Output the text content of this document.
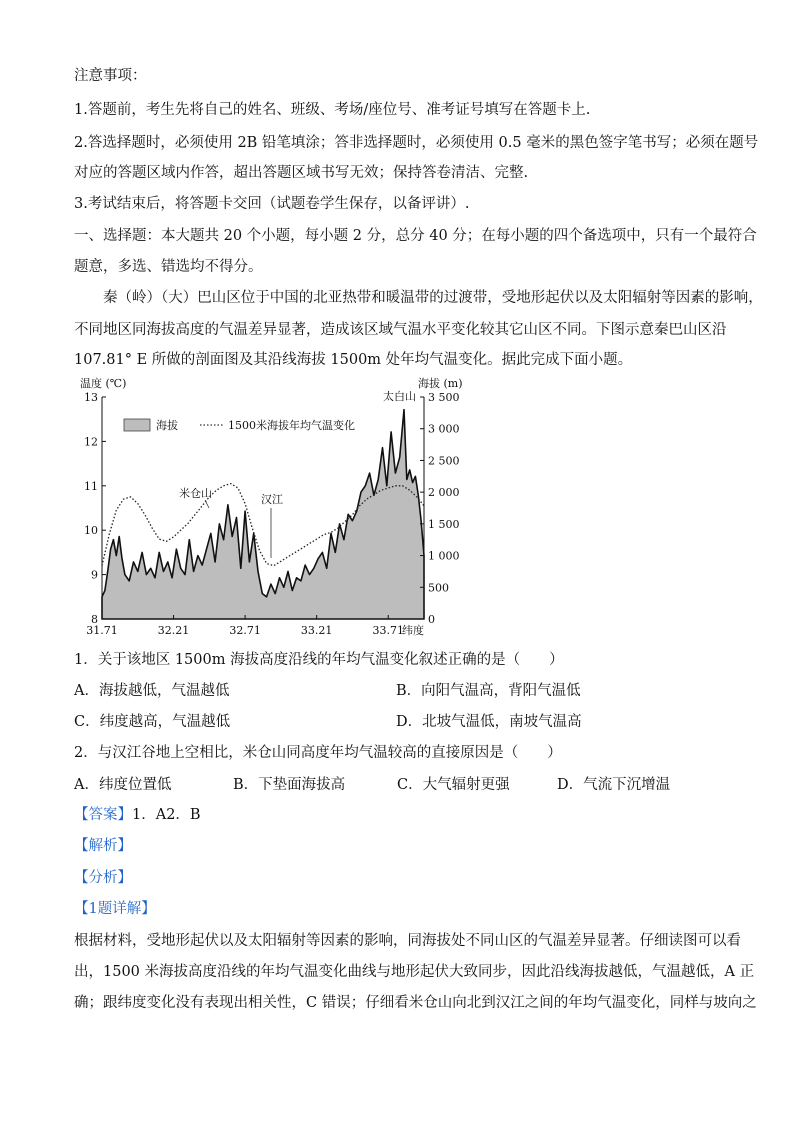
注意事项：
1.答题前，考生先将自己的姓名、班级、考场/座位号、准考证号填写在答题卡上.
2.答选择题时，必须使用 2B 铅笔填涂；答非选择题时，必须使用 0.5 毫米的黑色签字笔书写；必须在题号
对应的答题区域内作答，超出答题区域书写无效；保持答卷清洁、完整.
3.考试结束后，将答题卡交回（试题卷学生保存，以备评讲）.
一、选择题：本大题共 20 个小题，每小题 2 分，总分 40 分；在每小题的四个备选项中，只有一个最符合
题意，多选、错选均不得分。
秦（岭）（大）巴山区位于中国的北亚热带和暖温带的过渡带，受地形起伏以及太阳辐射等因素的影响，
不同地区同海拔高度的气温差异显著，造成该区域气温水平变化较其它山区不同。下图示意秦巴山区沿
107.81° E 所做的剖面图及其沿线海拔 1500m 处年均气温变化。据此完成下面小题。
13
12
11
10
9
8
3 500
3 000
2 500
2 000
1 500
1 000
500
0
31.71	32.21	32.71	33.21	33.71
温度 (℃)	海拔 (m)
纬度
海拔	1500米海拔年均气温变化
太白山
米仓山	汉江
1．关于该地区 1500m 海拔高度沿线的年均气温变化叙述正确的是（　　）
A．海拔越低，气温越低	B．向阳气温高，背阳气温低
C．纬度越高，气温越低	D．北坡气温低，南坡气温高
2．与汉江谷地上空相比，米仓山同高度年均气温较高的直接原因是（　　）
A．纬度位置低	B．下垫面海拔高	C．大气辐射更强	D．气流下沉增温
【答案】1．A2．B
【解析】
【分析】
【1题详解】
根据材料，受地形起伏以及太阳辐射等因素的影响，同海拔处不同山区的气温差异显著。仔细读图可以看
出，1500 米海拔高度沿线的年均气温变化曲线与地形起伏大致同步，因此沿线海拔越低，气温越低，A 正
确；跟纬度变化没有表现出相关性，C 错误；仔细看米仓山向北到汉江之间的年均气温变化，同样与坡向之
